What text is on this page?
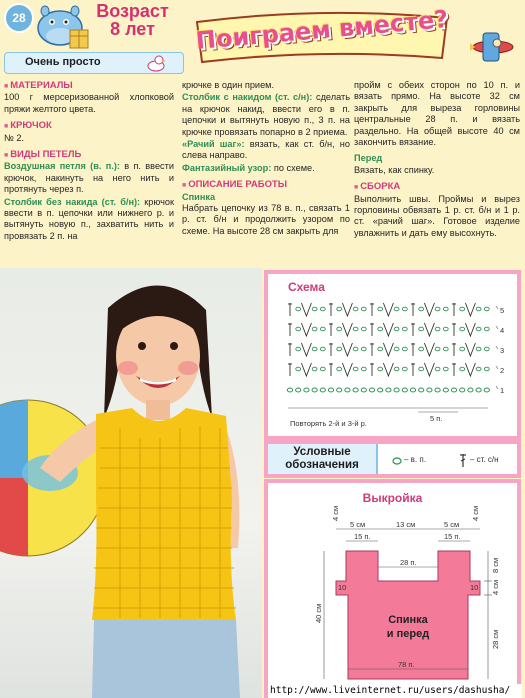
28	Возраст
8 лет	Поиграем вместе?
Очень просто
■ МАТЕРИАЛЫ
100 г мерсеризованной хлопковой пряжи желтого цвета.
■ КРЮЧОК
№ 2.
■ ВИДЫ ПЕТЕЛЬ
Воздушная петля (в. п.): в п. ввести крючок, накинуть на него нить и протянуть через п.
Столбик без накида (ст. б/н): крючок ввести в п. цепочки или нижнего р. и вытянуть новую п., захватить нить и провязать 2 п. на
крючке в один прием.
Столбик с накидом (ст. с/н): сделать на крючок накид, ввести его в п. цепочки и вытянуть новую п., 3 п. на крючке провязать попарно в 2 приема.
«Рачий шаг»: вязать, как ст. б/н, но слева направо.
Фантазийный узор: по схеме.
■ ОПИСАНИЕ РАБОТЫ
Спинка
Набрать цепочку из 78 в. п., связать 1 р. ст. б/н и продолжить узором по схеме. На высоте 28 см закрыть для
пройм с обеих сторон по 10 п. и вязать прямо. На высоте 32 см закрыть для выреза горловины центральные 28 п. и вязать раздельно. На общей высоте 40 см закончить вязание.
Перед
Вязать, как спинку.
■ СБОРКА
Выполнить швы. Проймы и вырез горловины обвязать 1 р. ст. б/н и 1 р. ст. «рачий шаг». Готовое изделие увлажнить и дать ему высохнуть.
Схема
5
4
3
2
1
Повторять 2-й и 3-й р.
5 п.
Условные обозначения	– в. п.	– ст. с/н
Выкройка
5 см	13 см	5 см
4 см	4 см
15 п.	15 п.
28 п.
10	10
78 п.
40 см
8 см
4 см
28 см
Спинка
и перед
http://www.liveinternet.ru/users/dashusha/
